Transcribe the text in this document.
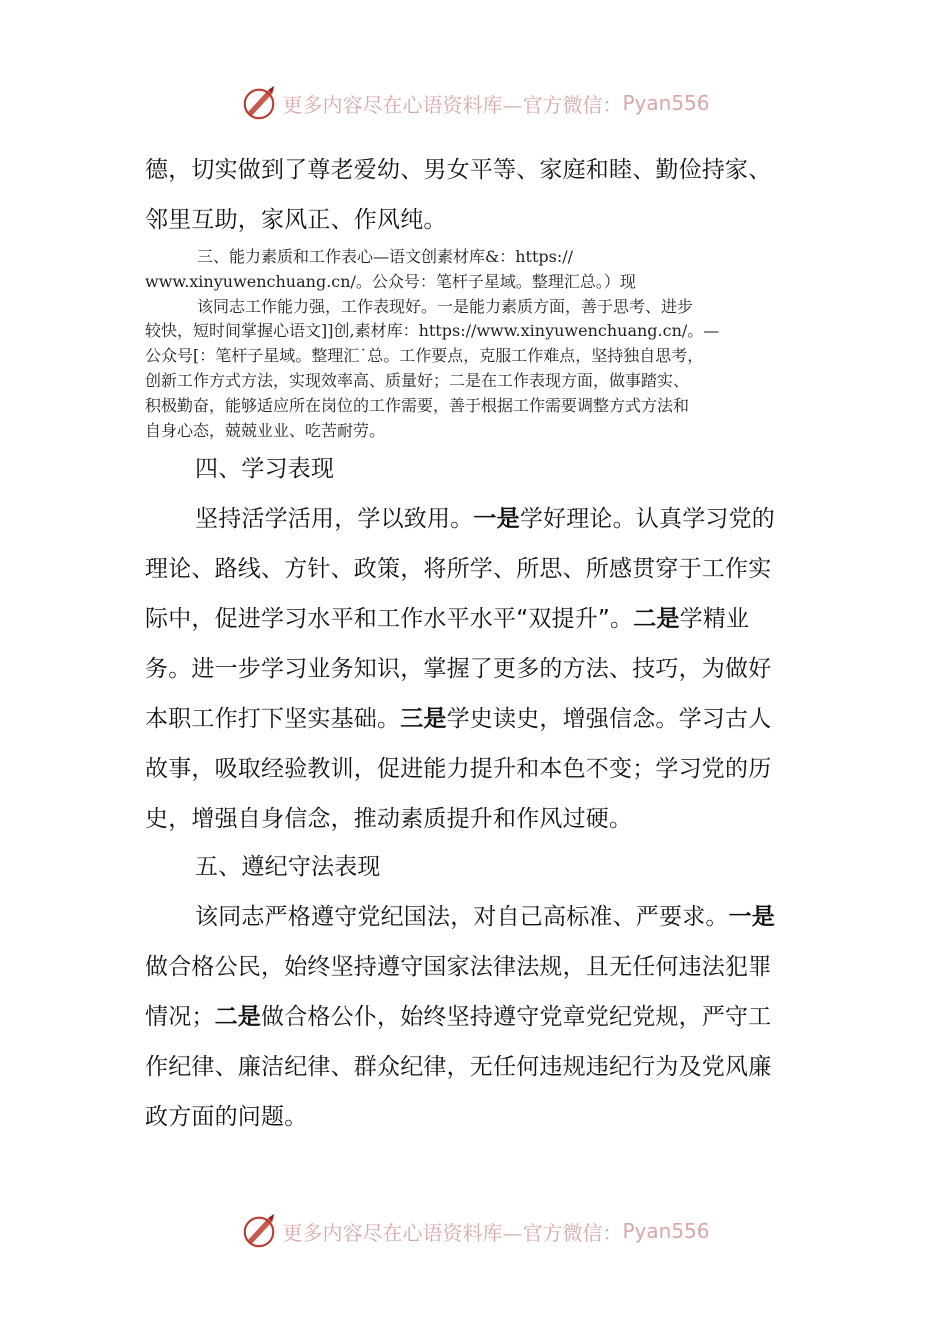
更多内容尽在心语资料库—官方微信： Pyan556

德，切实做到了尊老爱幼、男女平等、家庭和睦、勤俭持家、

邻里互助，家风正、作风纯。

三、能力素质和工作表心—语文创素材库&：https://

www.xinyuwenchuang.cn/。公众号：笔杆子星域。整理汇总。）现

该同志工作能力强，工作表现好。一是能力素质方面，善于思考、进步

较快，短时间掌握心语文]]创,素材库：https://www.xinyuwenchuang.cn/。—

公众号[：笔杆子星域。整理汇˙总。工作要点，克服工作难点，坚持独自思考，

创新工作方式方法，实现效率高、质量好；二是在工作表现方面，做事踏实、

积极勤奋，能够适应所在岗位的工作需要，善于根据工作需要调整方式方法和

自身心态，兢兢业业、吃苦耐劳。

四、学习表现

坚持活学活用，学以致用。一是学好理论。认真学习党的

理论、路线、方针、政策，将所学、所思、所感贯穿于工作实

际中，促进学习水平和工作水平水平“双提升”。二是学精业

务。进一步学习业务知识，掌握了更多的方法、技巧，为做好

本职工作打下坚实基础。三是学史读史，增强信念。学习古人

故事，吸取经验教训，促进能力提升和本色不变；学习党的历

史，增强自身信念，推动素质提升和作风过硬。

五、遵纪守法表现

该同志严格遵守党纪国法，对自己高标准、严要求。一是

做合格公民，始终坚持遵守国家法律法规，且无任何违法犯罪

情况；二是做合格公仆，始终坚持遵守党章党纪党规，严守工

作纪律、廉洁纪律、群众纪律，无任何违规违纪行为及党风廉

政方面的问题。

更多内容尽在心语资料库—官方微信： Pyan556
